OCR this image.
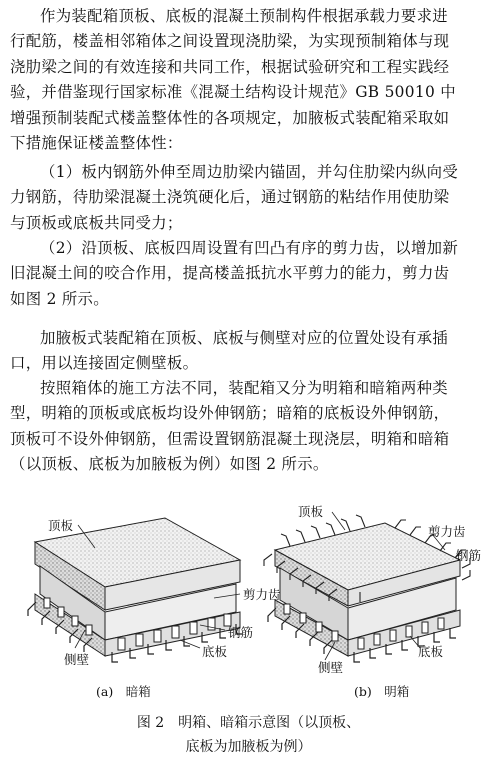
作为装配箱顶板、底板的混凝土预制构件根据承载力要求进
行配筋，楼盖相邻箱体之间设置现浇肋梁，为实现预制箱体与现
浇肋梁之间的有效连接和共同工作，根据试验研究和工程实践经
验，并借鉴现行国家标准《混凝土结构设计规范》GB 50010 中
增强预制装配式楼盖整体性的各项规定，加腋板式装配箱采取如
下措施保证楼盖整体性：
（1）板内钢筋外伸至周边肋梁内锚固，并勾住肋梁内纵向受
力钢筋，待肋梁混凝土浇筑硬化后，通过钢筋的粘结作用使肋梁
与顶板或底板共同受力；
（2）沿顶板、底板四周设置有凹凸有序的剪力齿，以增加新
旧混凝土间的咬合作用，提高楼盖抵抗水平剪力的能力，剪力齿
如图 2 所示。
加腋板式装配箱在顶板、底板与侧壁对应的位置处设有承插
口，用以连接固定侧壁板。
按照箱体的施工方法不同，装配箱又分为明箱和暗箱两种类
型，明箱的顶板或底板均设外伸钢筋；暗箱的底板设外伸钢筋，
顶板可不设外伸钢筋，但需设置钢筋混凝土现浇层，明箱和暗箱
（以顶板、底板为加腋板为例）如图 2 所示。
顶板
剪力齿
钢筋
底板
侧壁
顶板
剪力齿
钢筋
底板
侧壁
(a)　暗箱	(b)　明箱
图 2　明箱、暗箱示意图（以顶板、
底板为加腋板为例）
